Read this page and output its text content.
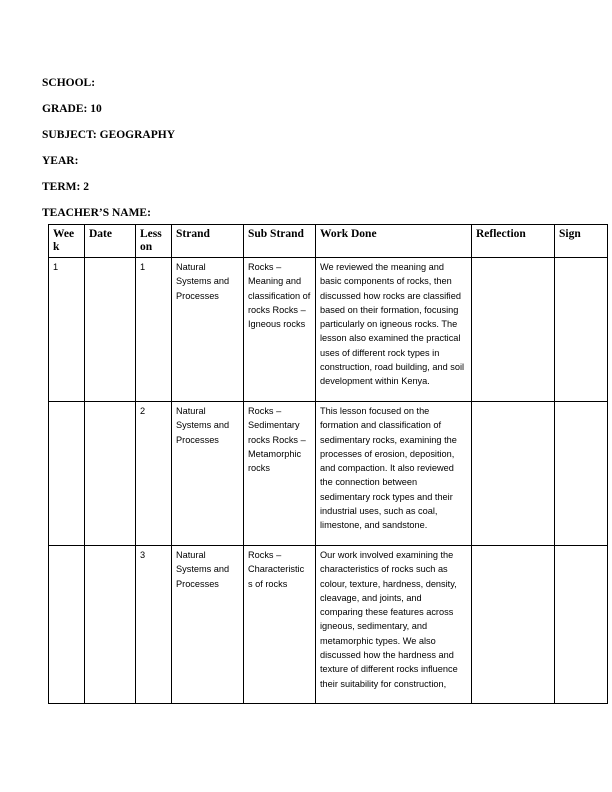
SCHOOL:
GRADE: 10
SUBJECT: GEOGRAPHY
YEAR:
TERM: 2
TEACHER’S NAME:
Wee k	Date	Less on	Strand	Sub Strand	Work Done	Reflection	Sign
1		1	Natural Systems and Processes	Rocks – Meaning and classification of rocks Rocks – Igneous rocks	We reviewed the meaning and basic components of rocks, then discussed how rocks are classified based on their formation, focusing particularly on igneous rocks. The lesson also examined the practical uses of different rock types in construction, road building, and soil development within Kenya.		
		2	Natural Systems and Processes	Rocks – Sedimentary rocks Rocks – Metamorphic rocks	This lesson focused on the formation and classification of sedimentary rocks, examining the processes of erosion, deposition, and compaction. It also reviewed the connection between sedimentary rock types and their industrial uses, such as coal, limestone, and sandstone.		
		3	Natural Systems and Processes	Rocks – Characteristic s of rocks	Our work involved examining the characteristics of rocks such as colour, texture, hardness, density, cleavage, and joints, and comparing these features across igneous, sedimentary, and metamorphic types. We also discussed how the hardness and texture of different rocks influence their suitability for construction,		
